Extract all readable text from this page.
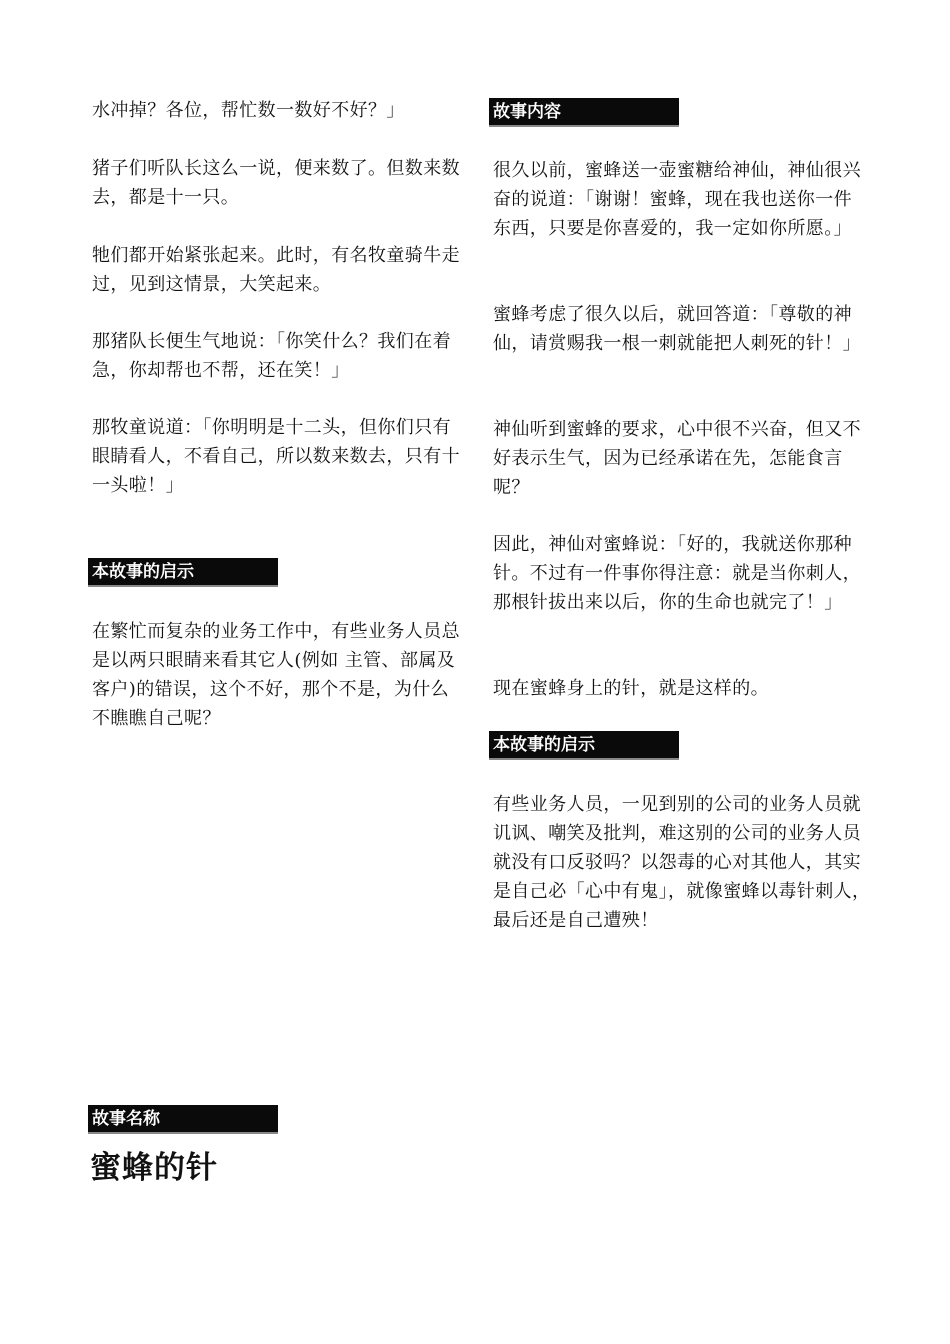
水冲掉？各位，帮忙数一数好不好？」

猪子们听队长这么一说，便来数了。但数来数去，都是十一只。

牠们都开始紧张起来。此时，有名牧童骑牛走过，见到这情景，大笑起来。

那猪队长便生气地说：「你笑什么？我们在着急，你却帮也不帮，还在笑！」

那牧童说道：「你明明是十二头，但你们只有眼睛看人，不看自己，所以数来数去，只有十一头啦！」

本故事的启示

在繁忙而复杂的业务工作中，有些业务人员总是以两只眼睛来看其它人(例如 主管、部属及客户)的错误，这个不好，那个不是，为什么不瞧瞧自己呢？

故事名称
蜜蜂的针
故事内容

很久以前，蜜蜂送一壶蜜糖给神仙，神仙很兴奋的说道：「谢谢！蜜蜂，现在我也送你一件东西，只要是你喜爱的，我一定如你所愿。」

蜜蜂考虑了很久以后，就回答道：「尊敬的神仙，请赏赐我一根一刺就能把人刺死的针！」

神仙听到蜜蜂的要求，心中很不兴奋，但又不好表示生气，因为已经承诺在先，怎能食言呢？

因此，神仙对蜜蜂说：「好的，我就送你那种针。不过有一件事你得注意：就是当你刺人，那根针拔出来以后，你的生命也就完了！」

现在蜜蜂身上的针，就是这样的。

本故事的启示

有些业务人员，一见到别的公司的业务人员就讥讽、嘲笑及批判，难这别的公司的业务人员就没有口反驳吗？以怨毒的心对其他人，其实是自己必「心中有鬼」，就像蜜蜂以毒针刺人，最后还是自己遭殃！
